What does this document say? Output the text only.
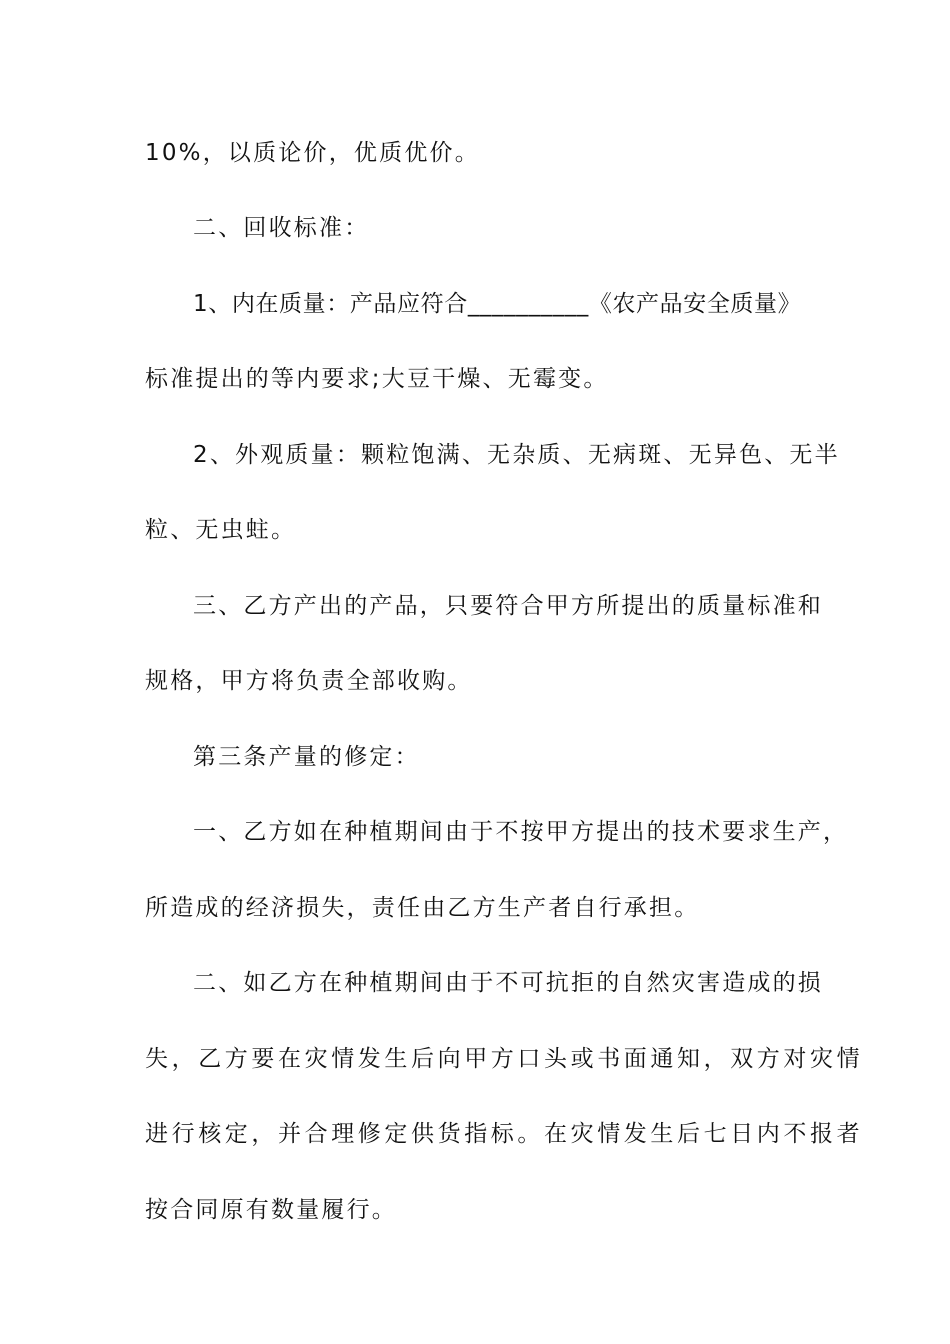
10%，以质论价，优质优价。
二、回收标准：
1、内在质量：产品应符合__________《农产品安全质量》
标准提出的等内要求;大豆干燥、无霉变。
2、外观质量：颗粒饱满、无杂质、无病斑、无异色、无半
粒、无虫蛀。
三、乙方产出的产品，只要符合甲方所提出的质量标准和
规格，甲方将负责全部收购。
第三条产量的修定：
一、乙方如在种植期间由于不按甲方提出的技术要求生产，
所造成的经济损失，责任由乙方生产者自行承担。
二、如乙方在种植期间由于不可抗拒的自然灾害造成的损
失，乙方要在灾情发生后向甲方口头或书面通知，双方对灾情
进行核定，并合理修定供货指标。在灾情发生后七日内不报者
按合同原有数量履行。
